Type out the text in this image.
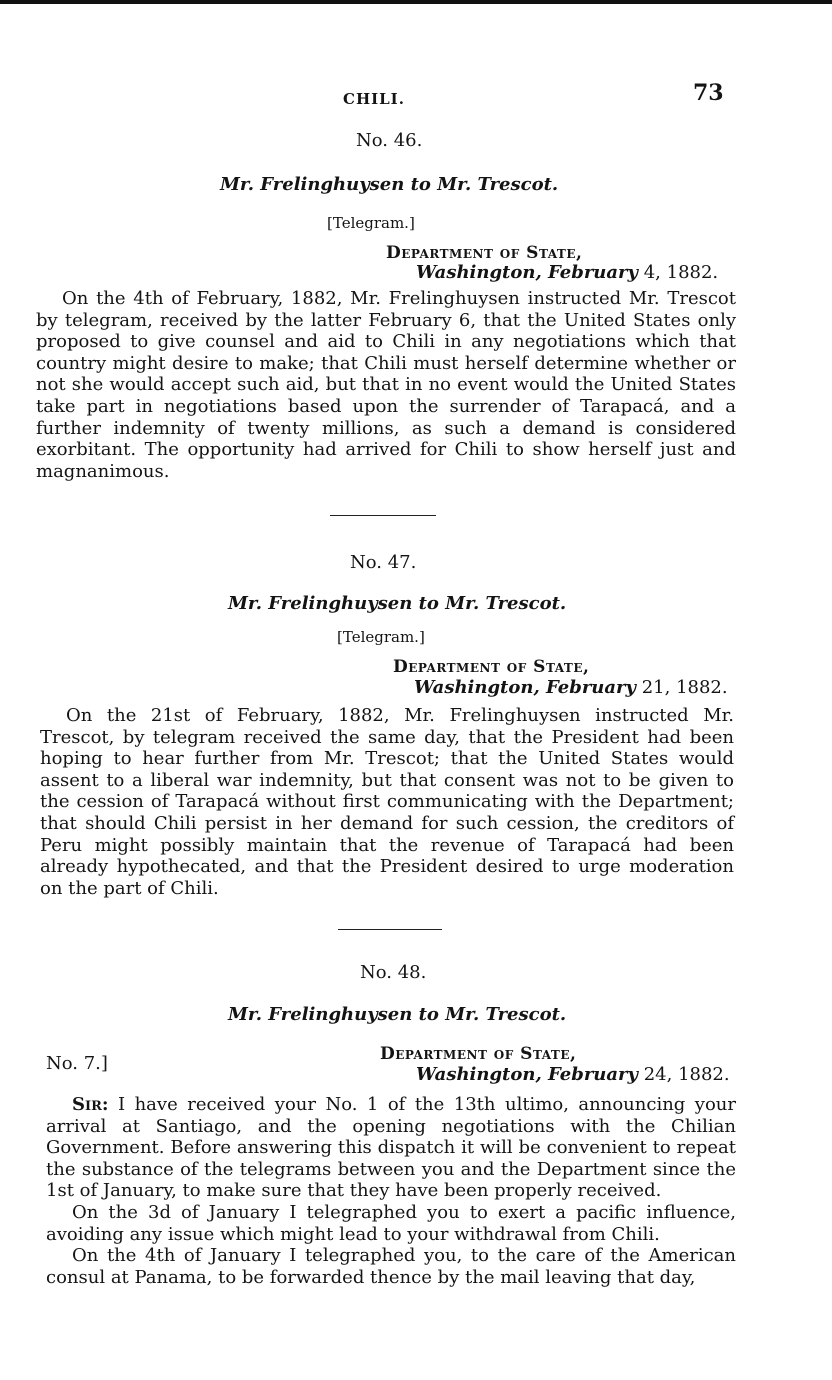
CHILI.	73
No. 46.
Mr. Frelinghuysen to Mr. Trescot.
[Telegram.]
Department of State,
Washington, February 4, 1882.

On the 4th of February, 1882, Mr. Frelinghuysen instructed Mr. Trescot by telegram, received by the latter February 6, that the United States only proposed to give counsel and aid to Chili in any negotiations which that country might desire to make; that Chili must herself determine whether or not she would accept such aid, but that in no event would the United States take part in negotiations based upon the surrender of Tarapacá, and a further indemnity of twenty millions, as such a demand is considered exorbitant. The opportunity had arrived for Chili to show herself just and magnanimous.

No. 47.
Mr. Frelinghuysen to Mr. Trescot.
[Telegram.]
Department of State,
Washington, February 21, 1882.

On the 21st of February, 1882, Mr. Frelinghuysen instructed Mr. Trescot, by telegram received the same day, that the President had been hoping to hear further from Mr. Trescot; that the United States would assent to a liberal war indemnity, but that consent was not to be given to the cession of Tarapacá without first communicating with the Department; that should Chili persist in her demand for such cession, the creditors of Peru might possibly maintain that the revenue of Tarapacá had been already hypothecated, and that the President desired to urge moderation on the part of Chili.

No. 48.
Mr. Frelinghuysen to Mr. Trescot.
No. 7.]	Department of State,
Washington, February 24, 1882.

Sir: I have received your No. 1 of the 13th ultimo, announcing your arrival at Santiago, and the opening negotiations with the Chilian Government. Before answering this dispatch it will be convenient to repeat the substance of the telegrams between you and the Department since the 1st of January, to make sure that they have been properly received.

On the 3d of January I telegraphed you to exert a pacific influence, avoiding any issue which might lead to your withdrawal from Chili.

On the 4th of January I telegraphed you, to the care of the American consul at Panama, to be forwarded thence by the mail leaving that day,
